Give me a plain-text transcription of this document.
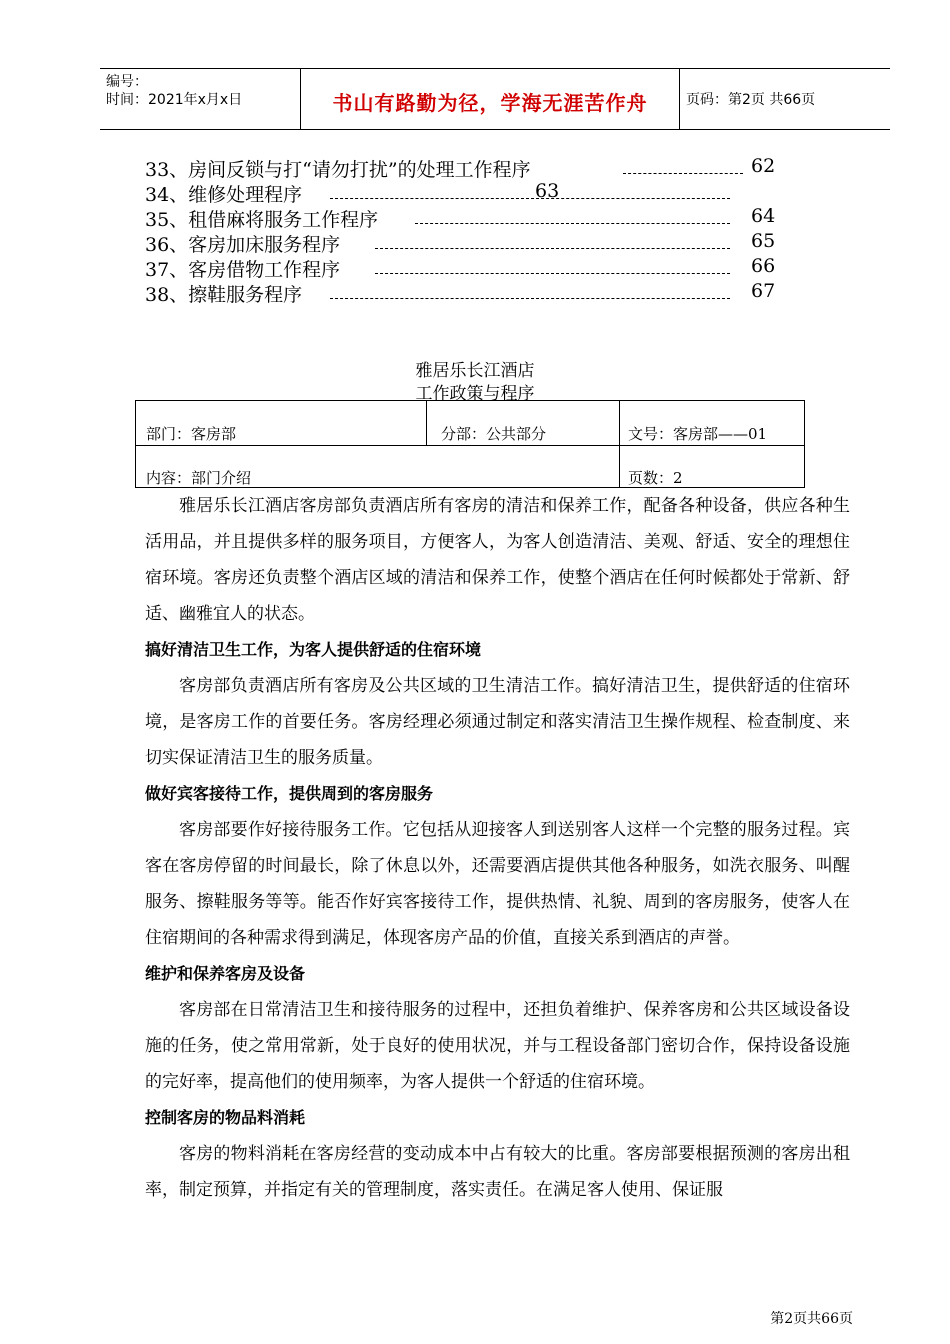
编号：
时间：2021年x月x日	书山有路勤为径，学海无涯苦作舟	页码：第2页 共66页
33、房间反锁与打“请勿打扰”的处理工作程序	62
34、维修处理程序	63
35、租借麻将服务工作程序	64
36、客房加床服务程序	65
37、客房借物工作程序	66
38、擦鞋服务程序	67
雅居乐长江酒店
工作政策与程序
部门：客房部	分部：公共部分	文号：客房部——01
内容：部门介绍	页数：2

雅居乐长江酒店客房部负责酒店所有客房的清洁和保养工作，配备各种设备，供应各种生活用品，并且提供多样的服务项目，方便客人，为客人创造清洁、美观、舒适、安全的理想住宿环境。客房还负责整个酒店区域的清洁和保养工作，使整个酒店在任何时候都处于常新、舒适、幽雅宜人的状态。

搞好清洁卫生工作，为客人提供舒适的住宿环境

客房部负责酒店所有客房及公共区域的卫生清洁工作。搞好清洁卫生，提供舒适的住宿环境，是客房工作的首要任务。客房经理必须通过制定和落实清洁卫生操作规程、检查制度、来切实保证清洁卫生的服务质量。

做好宾客接待工作，提供周到的客房服务

客房部要作好接待服务工作。它包括从迎接客人到送别客人这样一个完整的服务过程。宾客在客房停留的时间最长，除了休息以外，还需要酒店提供其他各种服务，如洗衣服务、叫醒服务、擦鞋服务等等。能否作好宾客接待工作，提供热情、礼貌、周到的客房服务，使客人在住宿期间的各种需求得到满足，体现客房产品的价值，直接关系到酒店的声誉。

维护和保养客房及设备

客房部在日常清洁卫生和接待服务的过程中，还担负着维护、保养客房和公共区域设备设施的任务，使之常用常新，处于良好的使用状况，并与工程设备部门密切合作，保持设备设施的完好率，提高他们的使用频率，为客人提供一个舒适的住宿环境。

控制客房的物品料消耗

客房的物料消耗在客房经营的变动成本中占有较大的比重。客房部要根据预测的客房出租率，制定预算，并指定有关的管理制度，落实责任。在满足客人使用、保证服

第2页共66页
